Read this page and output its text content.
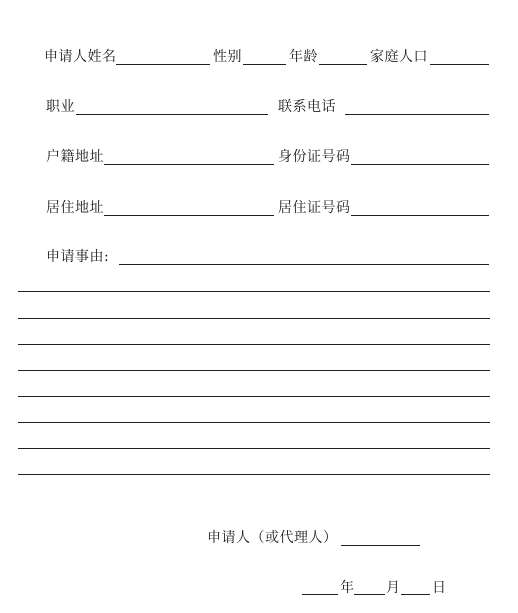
申请人姓名	性别	年龄	家庭人口
职业	联系电话
户籍地址	身份证号码
居住地址	居住证号码
申请事由:
申请人（或代理人）
年 月 日
